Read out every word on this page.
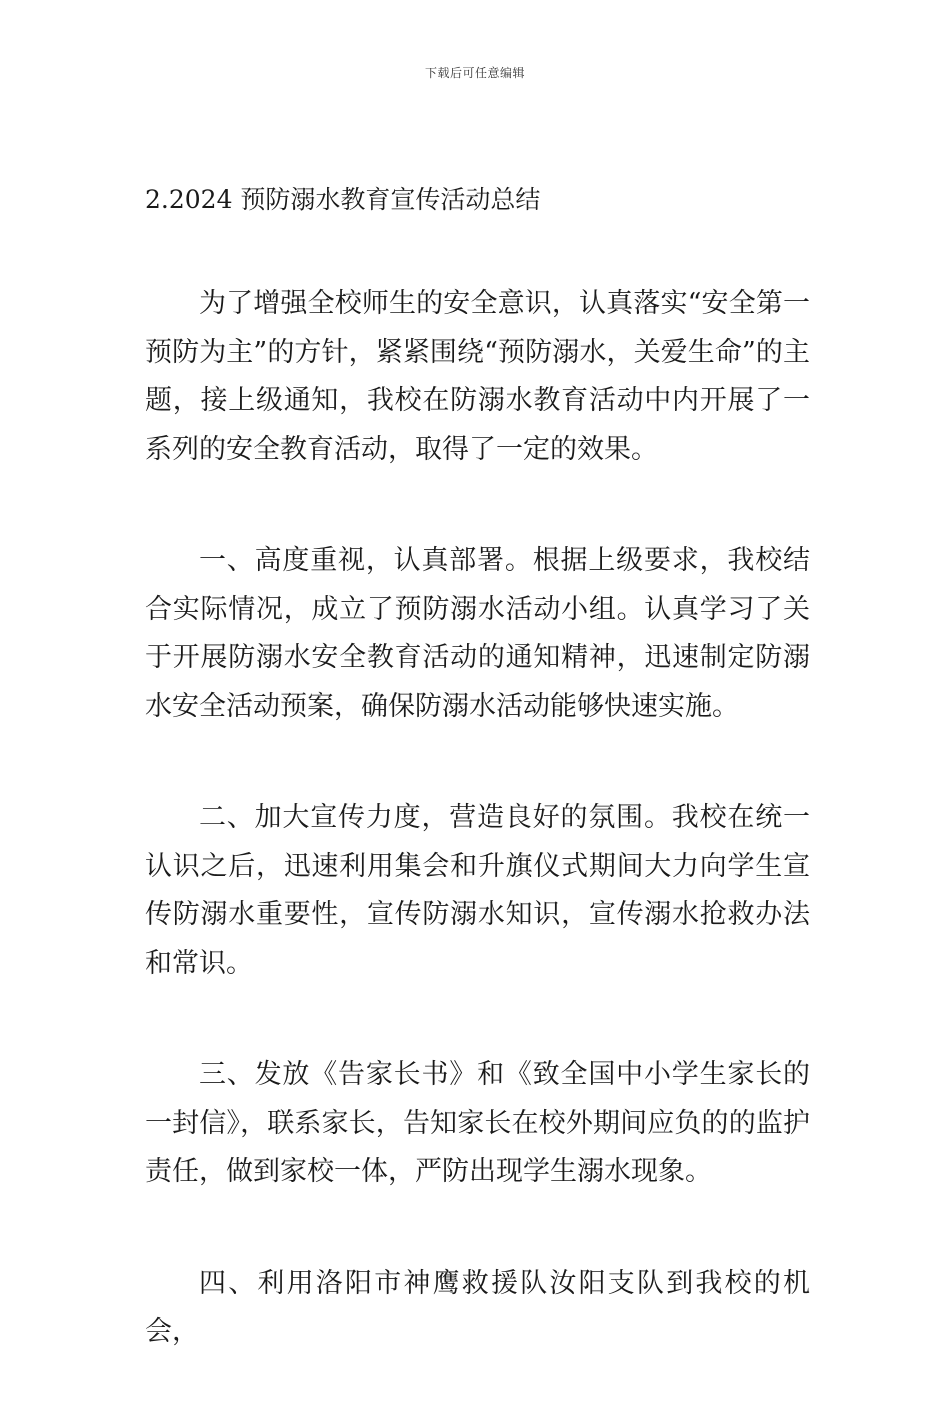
下载后可任意编辑
2.2024 预防溺水教育宣传活动总结

为了增强全校师生的安全意识，认真落实“安全第一预防为主”的方针，紧紧围绕“预防溺水，关爱生命”的主题，接上级通知，我校在防溺水教育活动中内开展了一系列的安全教育活动，取得了一定的效果。

一、高度重视，认真部署。根据上级要求，我校结合实际情况，成立了预防溺水活动小组。认真学习了关于开展防溺水安全教育活动的通知精神，迅速制定防溺水安全活动预案，确保防溺水活动能够快速实施。

二、加大宣传力度，营造良好的氛围。我校在统一认识之后，迅速利用集会和升旗仪式期间大力向学生宣传防溺水重要性，宣传防溺水知识，宣传溺水抢救办法和常识。

三、发放《告家长书》和《致全国中小学生家长的一封信》，联系家长，告知家长在校外期间应负的的监护责任，做到家校一体，严防出现学生溺水现象。

四、利用洛阳市神鹰救援队汝阳支队到我校的机会，
